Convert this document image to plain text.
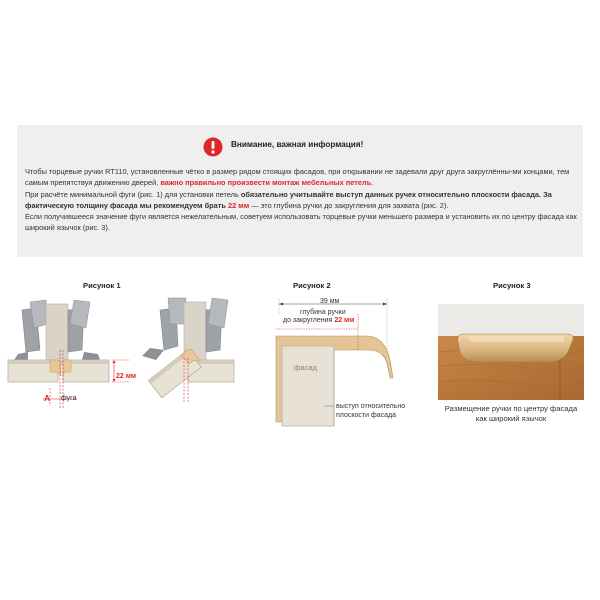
Внимание, важная информация!
Чтобы торцевые ручки RT110, установленные чётко в размер рядом стоящих фасадов, при открывании не задевали друг друга закруглённы-ми концами, тем самым препятствуя движению дверей, важно правильно произвести монтаж мебельных петель.
При расчёте минимальной фуги (рис. 1) для установки петель обязательно учитывайте выступ данных ручек относительно плоскости фасада. За фактическую толщину фасада мы рекомендуем брать 22 мм — это глубина ручки до закругления для захвата (рис. 2).
Если получившееся значение фуги является нежелательным, советуем использовать торцевые ручки меньшего размера и установить их по центру фасада как широкий язычок (рис. 3).
Рисунок 1
22 мм
A фуга
Рисунок 2
39 мм
глубина ручки
до закругления 22 мм
фасад
выступ относительно
плоскости фасада
Рисунок 3
Размещение ручки по центру фасада
как широкий язычок
